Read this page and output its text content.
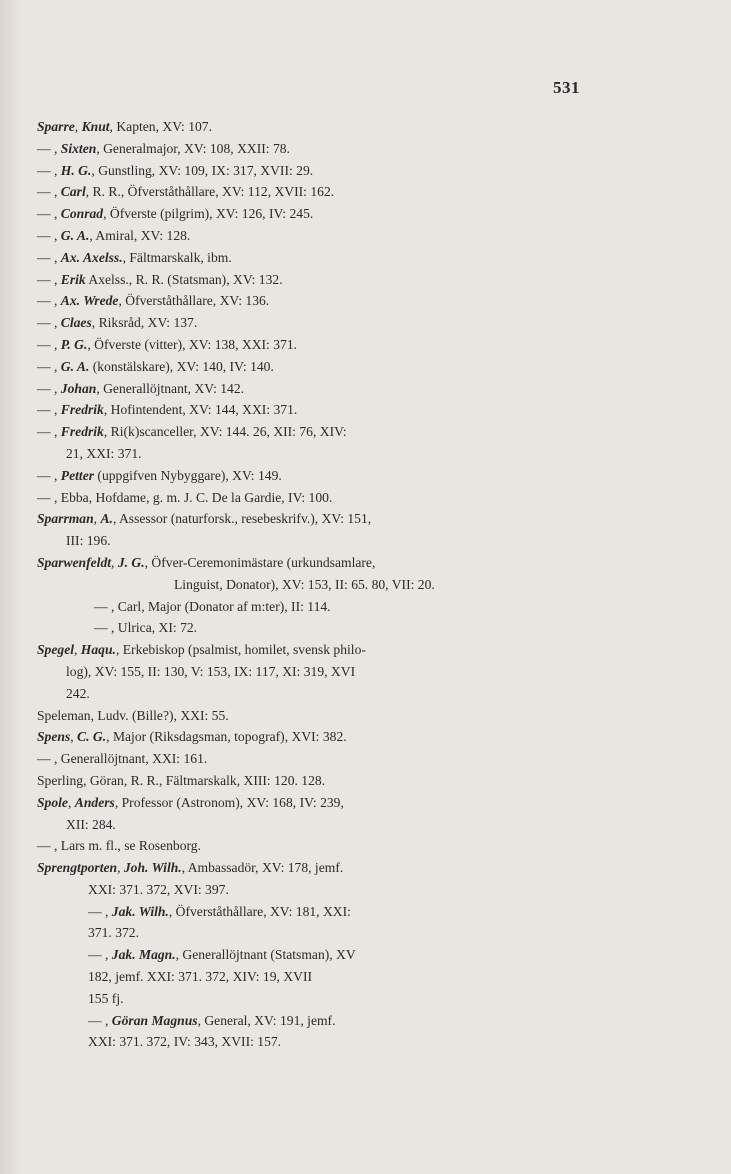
531
Sparre, Knut, Kapten, XV: 107.
— , Sixten, Generalmajor, XV: 108, XXII: 78.
— , H. G., Gunstling, XV: 109, IX: 317, XVII: 29.
— , Carl, R. R., Öfverståthållare, XV: 112, XVII: 162.
— , Conrad, Öfverste (pilgrim), XV: 126, IV: 245.
— , G. A., Amiral, XV: 128.
— , Ax. Axelss., Fältmarskalk, ibm.
— , Erik Axelss., R. R. (Statsman), XV: 132.
— , Ax. Wrede, Öfverståthållare, XV: 136.
— , Claes, Riksråd, XV: 137.
— , P. G., Öfverste (vitter), XV: 138, XXI: 371.
— , G. A. (konstälskare), XV: 140, IV: 140.
— , Johan, Generallöjtnant, XV: 142.
— , Fredrik, Hofintendent, XV: 144, XXI: 371.
— , Fredrik, Ri(k)scanceller, XV: 144. 26, XII: 76, XIV:
21, XXI: 371.
— , Petter (uppgifven Nybyggare), XV: 149.
— , Ebba, Hofdame, g. m. J. C. De la Gardie, IV: 100.
Sparrman, A., Assessor (naturforsk., resebeskrifv.), XV: 151,
III: 196.
Sparwenfeldt, J. G., Öfver-Ceremonimästare (urkundsamlare,
Linguist, Donator), XV: 153, II: 65. 80, VII: 20.
— , Carl, Major (Donator af m:ter), II: 114.
— , Ulrica, XI: 72.
Spegel, Haqu., Erkebiskop (psalmist, homilet, svensk philo-
log), XV: 155, II: 130, V: 153, IX: 117, XI: 319, XVI
242.
Speleman, Ludv. (Bille?), XXI: 55.
Spens, C. G., Major (Riksdagsman, topograf), XVI: 382.
— , Generallöjtnant, XXI: 161.
Sperling, Göran, R. R., Fältmarskalk, XIII: 120. 128.
Spole, Anders, Professor (Astronom), XV: 168, IV: 239,
XII: 284.
— , Lars m. fl., se Rosenborg.
Sprengtporten, Joh. Wilh., Ambassadör, XV: 178, jemf.
XXI: 371. 372, XVI: 397.
— , Jak. Wilh., Öfverståthållare, XV: 181, XXI:
371. 372.
— , Jak. Magn., Generallöjtnant (Statsman), XV
182, jemf. XXI: 371. 372, XIV: 19, XVII
155 fj.
— , Göran Magnus, General, XV: 191, jemf.
XXI: 371. 372, IV: 343, XVII: 157.
